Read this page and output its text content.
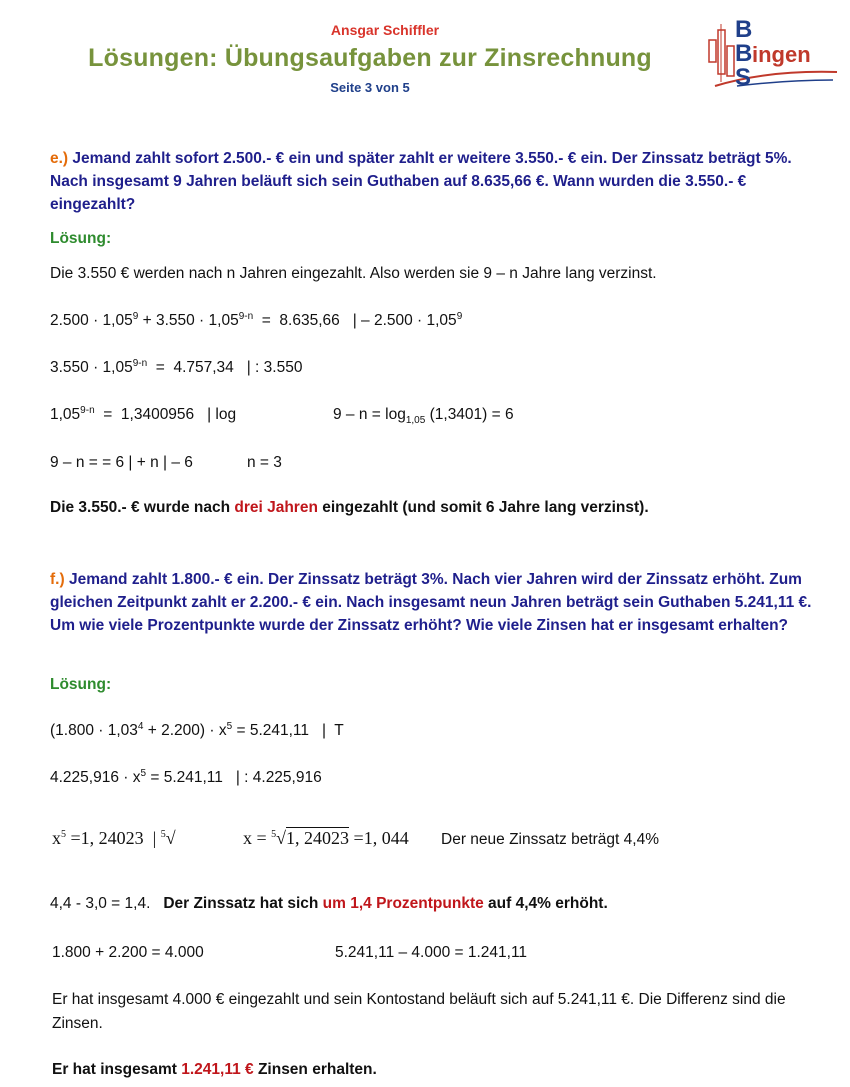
Ansgar Schiffler
Lösungen: Übungsaufgaben zur Zinsrechnung
Seite 3 von 5
B
B ingen
S
e.) Jemand zahlt sofort 2.500.- € ein und später zahlt er weitere 3.550.- € ein. Der Zinssatz beträgt 5%. Nach insgesamt 9 Jahren beläuft sich sein Guthaben auf 8.635,66 €. Wann wurden die 3.550.- € eingezahlt?
Lösung:
Die 3.550 € werden nach n Jahren eingezahlt. Also werden sie 9 – n Jahre lang verzinst.
$2.500 \cdot 1,05^9 + 3.550 \cdot 1,05^{9-n} = 8.635,66$   | – $2.500 \cdot 1,05^9$
$3.550 \cdot 1,05^{9-n} = 4.757,34$   | : 3.550
1,05$^{9-n}$  =  1,3400956   | log	$9 - n = \log_{1,05} (1,3401) = 6$
9 – n = = 6 | + n | – 6	n = 3
Die 3.550.- € wurde nach drei Jahren eingezahlt (und somit 6 Jahre lang verzinst).
f.) Jemand zahlt 1.800.- € ein. Der Zinssatz beträgt 3%. Nach vier Jahren wird der Zinssatz erhöht. Zum gleichen Zeitpunkt zahlt er 2.200.- € ein. Nach insgesamt neun Jahren beträgt sein Guthaben 5.241,11 €. Um wie viele Prozentpunkte wurde der Zinssatz erhöht? Wie viele Zinsen hat er insgesamt erhalten?
Lösung:
$(1.800 \cdot 1,03^4 + 2.200) \cdot x^5 = 5.241,11$   |  T
$4.225,916 \cdot x^5 = 5.241,11$   | : 4.225,916
$x^5 =1$, 24023  | $^5$√	x = $^5$√1, 24023 =1, 044 Der neue Zinssatz beträgt 4,4%
4,4 - 3,0 = 1,4.   Der Zinssatz hat sich um 1,4 Prozentpunkte auf 4,4% erhöht.
1.800 + 2.200 = 4.000	5.241,11 – 4.000 = 1.241,11
Er hat insgesamt 4.000 € eingezahlt und sein Kontostand beläuft sich auf 5.241,11 €. Die Differenz sind die Zinsen.
Er hat insgesamt 1.241,11 € Zinsen erhalten.
